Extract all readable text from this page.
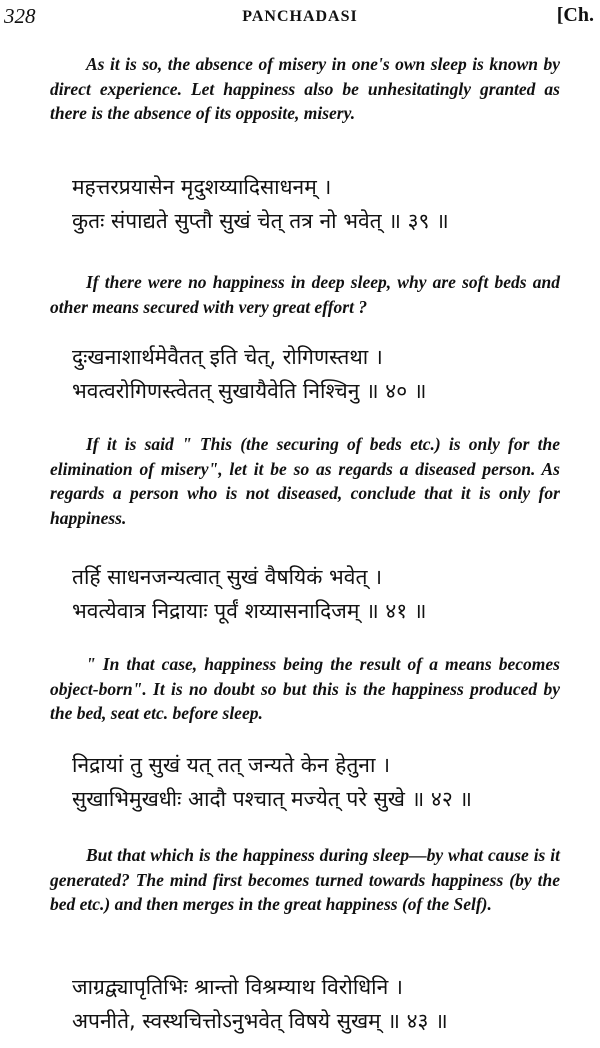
328	PANCHADASI	[Ch.

As it is so, the absence of misery in one's own sleep is known by direct experience. Let happiness also be unhesitatingly granted as there is the absence of its opposite, misery.

महत्तरप्रयासेन मृदुशय्यादिसाधनम् ।
कुतः संपाद्यते सुप्तौ सुखं चेत् तत्र नो भवेत् ॥ ३९ ॥

If there were no happiness in deep sleep, why are soft beds and other means secured with very great effort ?

दुःखनाशार्थमेवैतत् इति चेत्, रोगिणस्तथा ।
भवत्वरोगिणस्त्वेतत् सुखायैवेति निश्चिनु ॥ ४० ॥

If it is said " This (the securing of beds etc.) is only for the elimination of misery", let it be so as regards a diseased person. As regards a person who is not diseased, conclude that it is only for happiness.

तर्हि साधनजन्यत्वात् सुखं वैषयिकं भवेत् ।
भवत्येवात्र निद्रायाः पूर्वं शय्यासनादिजम् ॥ ४१ ॥

" In that case, happiness being the result of a means becomes object-born". It is no doubt so but this is the happiness produced by the bed, seat etc. before sleep.

निद्रायां तु सुखं यत् तत् जन्यते केन हेतुना ।
सुखाभिमुखधीः आदौ पश्चात् मज्येत् परे सुखे ॥ ४२ ॥

But that which is the happiness during sleep—by what cause is it generated? The mind first becomes turned towards happiness (by the bed etc.) and then merges in the great happiness (of the Self).

जाग्रद्व्यापृतिभिः श्रान्तो विश्रम्याथ विरोधिनि ।
अपनीते, स्वस्थचित्तोऽनुभवेत् विषये सुखम् ॥ ४३ ॥
